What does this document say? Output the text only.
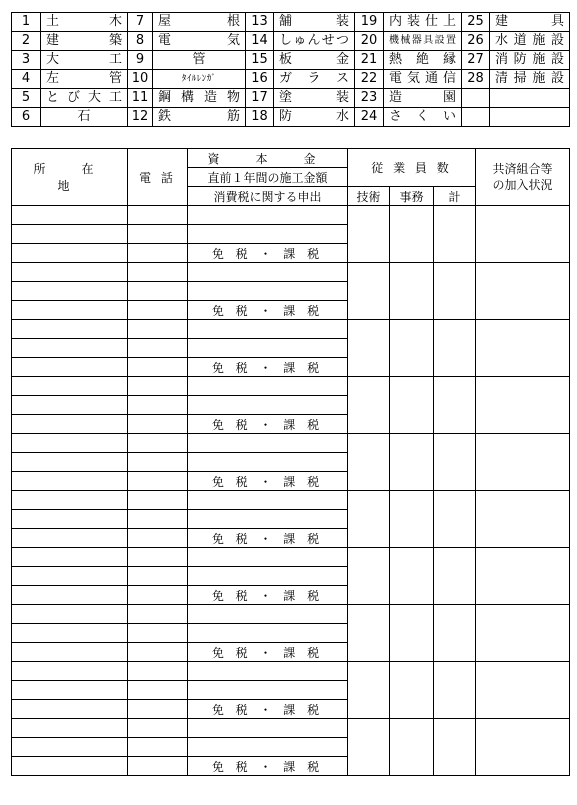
1	土　　木	7	屋　　根	13	舗　　装	19	内装仕上	25	建　　具
2	建　　築	8	電　　気	14	しゅんせつ	20	機械器具設置	26	水道施設
3	大　　工	9	管	15	板　　金	21	熱 絶 縁	27	消防施設
4	左　　管	10	ﾀｲﾙﾚﾝｶﾞ	16	ガ ラ ス	22	電気通信	28	清掃施設
5	とび大工	11	鋼構造物	17	塗　　装	23	造　　園		
6	石	12	鉄　　筋	18	防　　水	24	さ く い		
所　在　地	電 話	資　本　金	従 業 員 数			共済組合等
の加入状況
		直前１年間の施工金額				
		消費税に関する申出	技術	事務	計	

		免 税 ・ 課 税				

		免 税 ・ 課 税				

		免 税 ・ 課 税				

		免 税 ・ 課 税				

		免 税 ・ 課 税				

		免 税 ・ 課 税				

		免 税 ・ 課 税				

		免 税 ・ 課 税				

		免 税 ・ 課 税				

		免 税 ・ 課 税				
